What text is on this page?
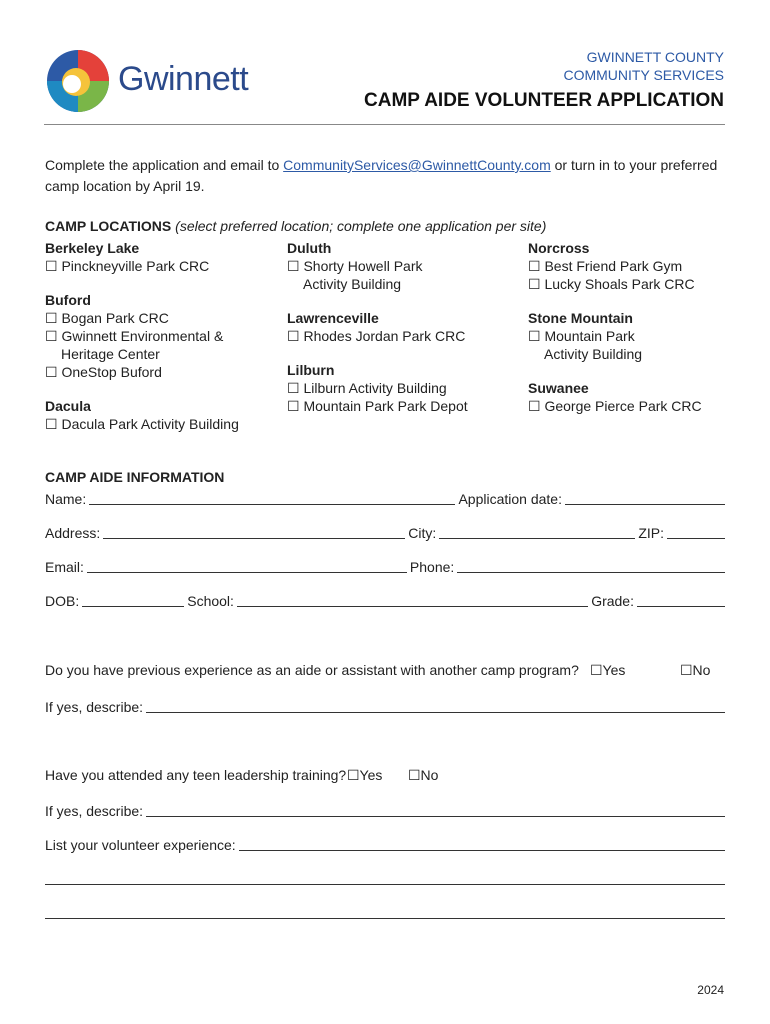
Gwinnett
GWINNETT COUNTY
COMMUNITY SERVICES
CAMP AIDE VOLUNTEER APPLICATION
Complete the application and email to CommunityServices@GwinnettCounty.com or turn in to your preferred camp location by April 19.
CAMP LOCATIONS (select preferred location; complete one application per site)
Berkeley Lake
☐ Pinckneyville Park CRC
Buford
☐ Bogan Park CRC
☐ Gwinnett Environmental &
Heritage Center
☐ OneStop Buford
Dacula
☐ Dacula Park Activity Building
Duluth
☐ Shorty Howell Park
Activity Building
Lawrenceville
☐ Rhodes Jordan Park CRC
Lilburn
☐ Lilburn Activity Building
☐ Mountain Park Park Depot
Norcross
☐ Best Friend Park Gym
☐ Lucky Shoals Park CRC
Stone Mountain
☐ Mountain Park
Activity Building
Suwanee
☐ George Pierce Park CRC
CAMP AIDE INFORMATION
Name:	Application date:
Address:	City:	ZIP:
Email:	Phone:
DOB:	School:	Grade:
Do you have previous experience as an aide or assistant with another camp program? ☐Yes	☐No
If yes, describe:
Have you attended any teen leadership training? ☐Yes ☐No
If yes, describe:
List your volunteer experience:
2024
